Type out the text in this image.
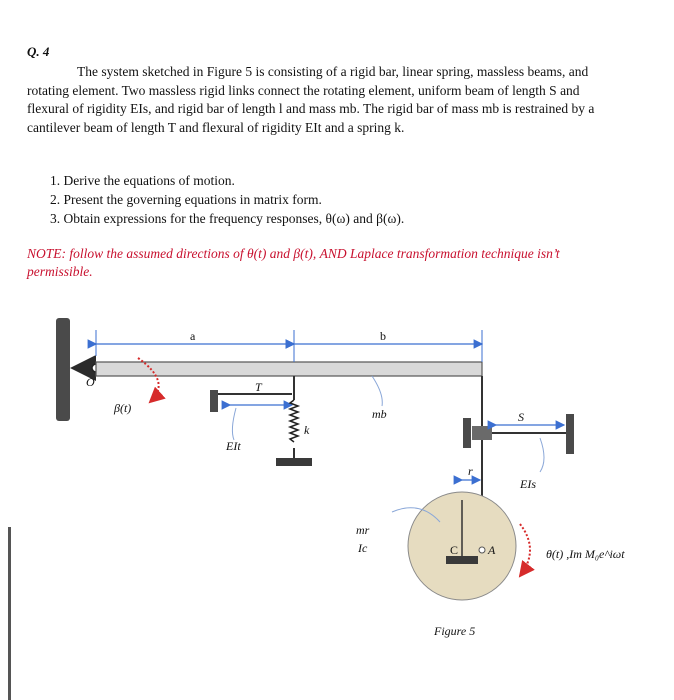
Q. 4
The system sketched in Figure 5 is consisting of a rigid bar, linear spring, massless beams, and rotating element. Two massless rigid links connect the rotating element, uniform beam of length S and flexural of rigidity EIs, and rigid bar of length l and mass mb. The rigid bar of mass mb is restrained by a cantilever beam of length T and flexural of rigidity EIt and a spring k.
1. Derive the equations of motion.
2. Present the governing equations in matrix form.
3. Obtain expressions for the frequency responses, θ(ω) and β(ω).
NOTE: follow the assumed directions of θ(t) and β(t), AND Laplace transformation technique isn’t permissible.
O
a	b
β(t)
T
EIt
k
mb	S
EIs
r
C A
mr
Ic	θ(t) ,Im M₀e^iωt
Figure 5
